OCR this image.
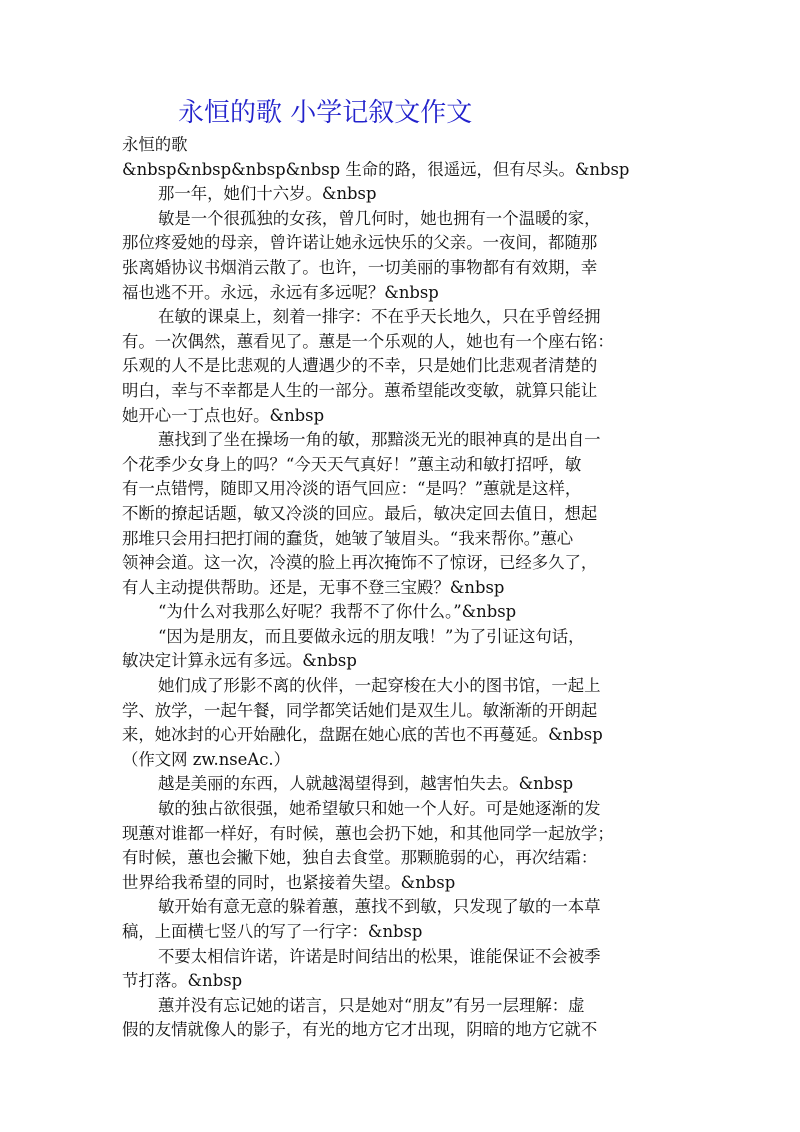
永恒的歌 小学记叙文作文
永恒的歌
&nbsp&nbsp&nbsp&nbsp 生命的路，很遥远，但有尽头。&nbsp
那一年，她们十六岁。&nbsp
敏是一个很孤独的女孩，曾几何时，她也拥有一个温暖的家，
那位疼爱她的母亲，曾许诺让她永远快乐的父亲。一夜间，都随那
张离婚协议书烟消云散了。也许，一切美丽的事物都有有效期，幸
福也逃不开。永远，永远有多远呢？&nbsp
在敏的课桌上，刻着一排字：不在乎天长地久，只在乎曾经拥
有。一次偶然，蕙看见了。蕙是一个乐观的人，她也有一个座右铭：
乐观的人不是比悲观的人遭遇少的不幸，只是她们比悲观者清楚的
明白，幸与不幸都是人生的一部分。蕙希望能改变敏，就算只能让
她开心一丁点也好。&nbsp
蕙找到了坐在操场一角的敏，那黯淡无光的眼神真的是出自一
个花季少女身上的吗？“今天天气真好！”蕙主动和敏打招呼，敏
有一点错愕，随即又用冷淡的语气回应：“是吗？”蕙就是这样，
不断的撩起话题，敏又冷淡的回应。最后，敏决定回去值日，想起
那堆只会用扫把打闹的蠢货，她皱了皱眉头。“我来帮你。”蕙心
领神会道。这一次，冷漠的脸上再次掩饰不了惊讶，已经多久了，
有人主动提供帮助。还是，无事不登三宝殿？&nbsp
“为什么对我那么好呢？我帮不了你什么。”&nbsp
“因为是朋友，而且要做永远的朋友哦！”为了引证这句话，
敏决定计算永远有多远。&nbsp
她们成了形影不离的伙伴，一起穿梭在大小的图书馆，一起上
学、放学，一起午餐，同学都笑话她们是双生儿。敏渐渐的开朗起
来，她冰封的心开始融化，盘踞在她心底的苦也不再蔓延。&nbsp
（作文网 zw.nseAc.）
越是美丽的东西，人就越渴望得到，越害怕失去。&nbsp
敏的独占欲很强，她希望敏只和她一个人好。可是她逐渐的发
现蕙对谁都一样好，有时候，蕙也会扔下她，和其他同学一起放学；
有时候，蕙也会撇下她，独自去食堂。那颗脆弱的心，再次结霜：
世界给我希望的同时，也紧接着失望。&nbsp
敏开始有意无意的躲着蕙，蕙找不到敏，只发现了敏的一本草
稿，上面横七竖八的写了一行字：&nbsp
不要太相信许诺，许诺是时间结出的松果，谁能保证不会被季
节打落。&nbsp
蕙并没有忘记她的诺言，只是她对“朋友”有另一层理解：虚
假的友情就像人的影子，有光的地方它才出现，阴暗的地方它就不
